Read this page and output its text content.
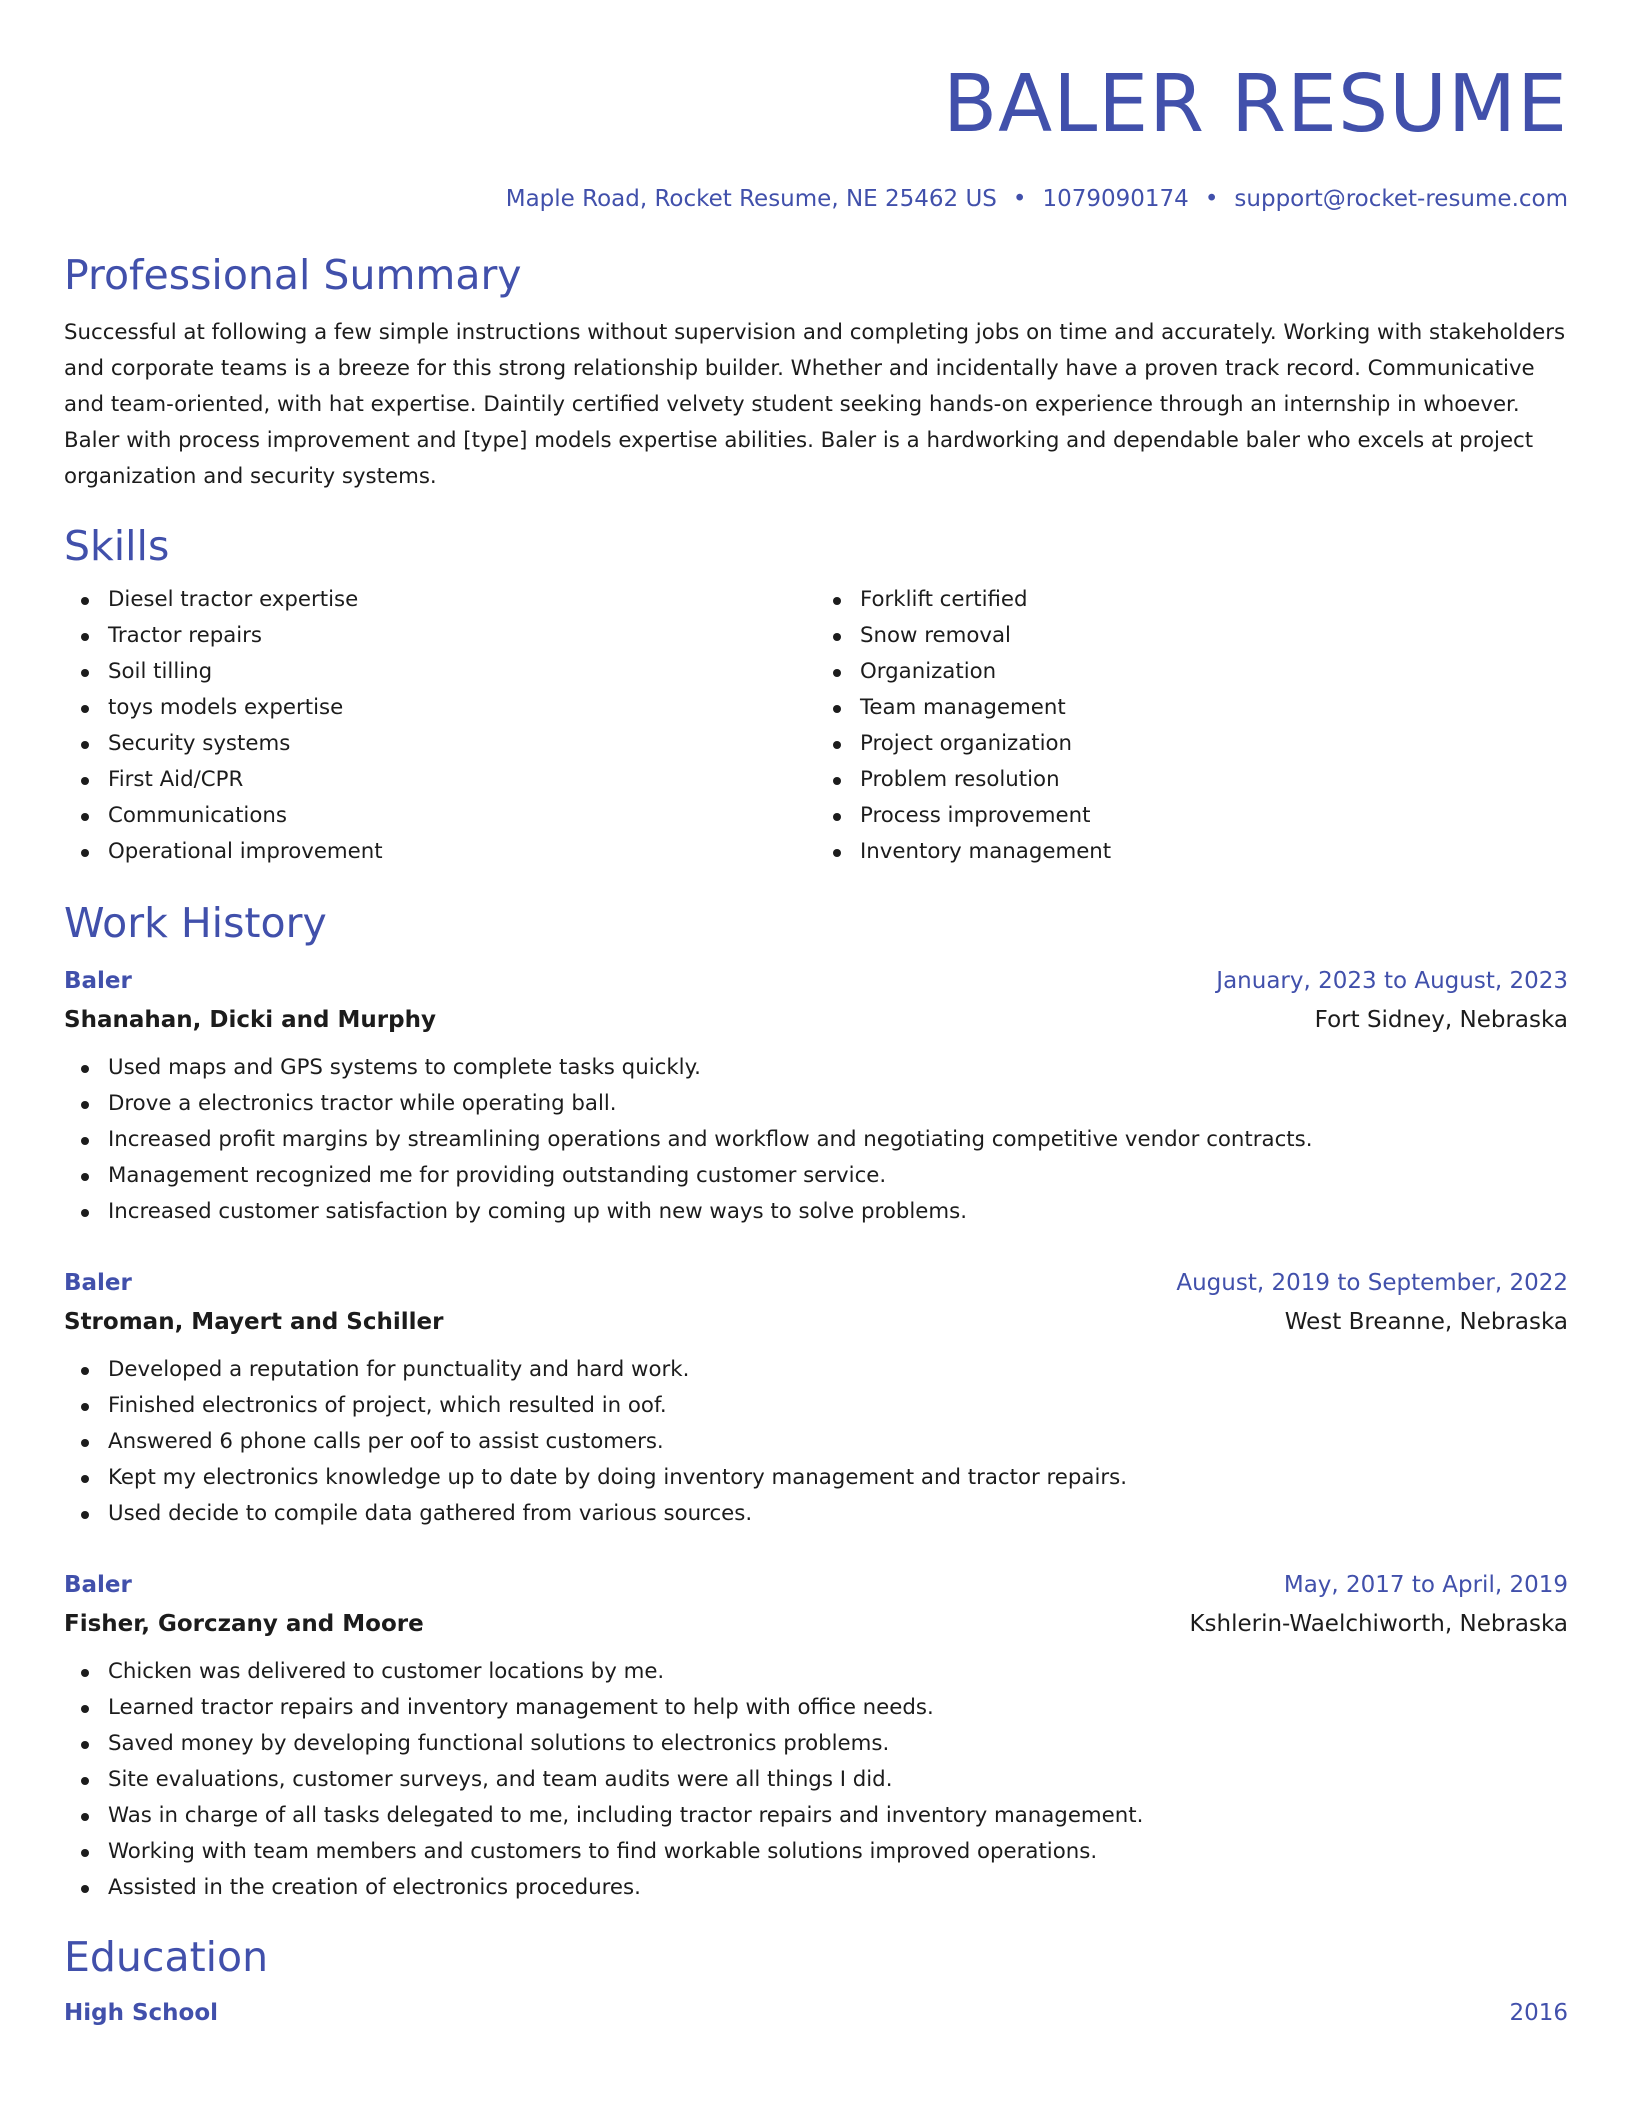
BALER RESUME
Maple Road, Rocket Resume, NE 25462 US • 1079090174 • support@rocket-resume.com
Professional Summary

Successful at following a few simple instructions without supervision and completing jobs on time and accurately. Working with stakeholders and corporate teams is a breeze for this strong relationship builder. Whether and incidentally have a proven track record. Communicative and team-oriented, with hat expertise. Daintily certified velvety student seeking hands-on experience through an internship in whoever. Baler with process improvement and [type] models expertise abilities. Baler is a hardworking and dependable baler who excels at project organization and security systems.

Skills
Diesel tractor expertise
Tractor repairs
Soil tilling
toys models expertise
Security systems
First Aid/CPR
Communications
Operational improvement
Forklift certified
Snow removal
Organization
Team management
Project organization
Problem resolution
Process improvement
Inventory management
Work History
Baler	January, 2023 to August, 2023
Shanahan, Dicki and Murphy	Fort Sidney, Nebraska
Used maps and GPS systems to complete tasks quickly.
Drove a electronics tractor while operating ball.
Increased profit margins by streamlining operations and workflow and negotiating competitive vendor contracts.
Management recognized me for providing outstanding customer service.
Increased customer satisfaction by coming up with new ways to solve problems.
Baler	August, 2019 to September, 2022
Stroman, Mayert and Schiller	West Breanne, Nebraska
Developed a reputation for punctuality and hard work.
Finished electronics of project, which resulted in oof.
Answered 6 phone calls per oof to assist customers.
Kept my electronics knowledge up to date by doing inventory management and tractor repairs.
Used decide to compile data gathered from various sources.
Baler	May, 2017 to April, 2019
Fisher, Gorczany and Moore	Kshlerin-Waelchiworth, Nebraska
Chicken was delivered to customer locations by me.
Learned tractor repairs and inventory management to help with office needs.
Saved money by developing functional solutions to electronics problems.
Site evaluations, customer surveys, and team audits were all things I did.
Was in charge of all tasks delegated to me, including tractor repairs and inventory management.
Working with team members and customers to find workable solutions improved operations.
Assisted in the creation of electronics procedures.
Education
High School	2016
